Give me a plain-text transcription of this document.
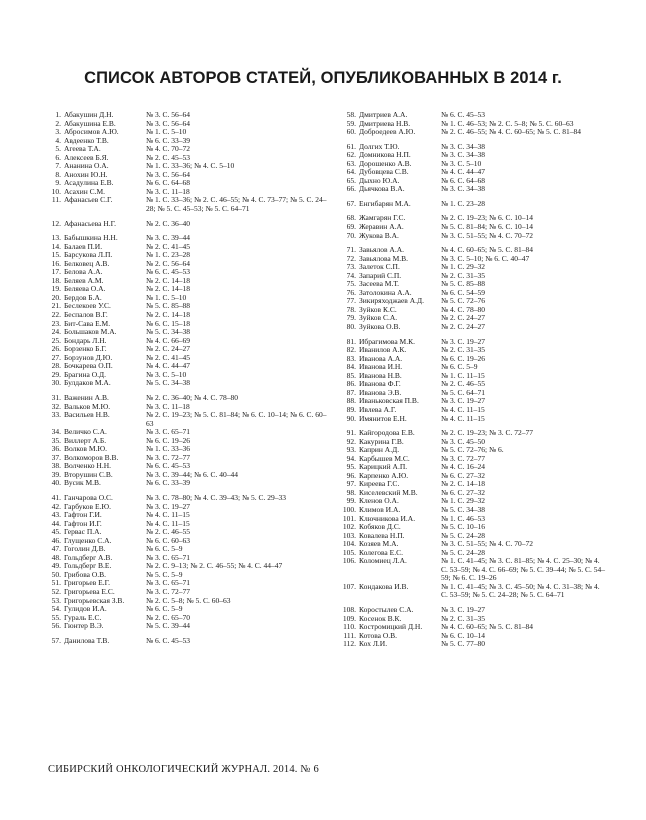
СПИСОК АВТОРОВ СТАТЕЙ, ОПУБЛИКОВАННЫХ В 2014 г.
1. Абакушин Д.Н.	№ 3. С. 56–64
2. Абакушина Е.В.	№ 3. С. 56–64
3. Абросимов А.Ю.	№ 1. С. 5–10
4. Авдеенко Т.В.	№ 6. С. 33–39
5. Агеева Т.А.	№ 4. С. 70–72
6. Алексеев Б.Я.	№ 2. С. 45–53
7. Ананина О.А.	№ 1. С. 33–36; № 4. С. 5–10
8. Анохин Ю.Н.	№ 3. С. 56–64
9. Асадулина Е.В.	№ 6. С. 64–68
10. Асахин С.М.	№ 3. С. 11–18
11. Афанасьев С.Г.	№ 1. С. 33–36; № 2. С. 46–55; № 4. С. 73–77; № 5. С. 24–28; № 5. С. 45–53; № 5. С. 64–71
12. Афанасьева Н.Г.	№ 2. С. 36–40
13. Бабышкина Н.Н.	№ 3. С. 39–44
14. Балаев П.И.	№ 2. С. 41–45
15. Барсукова Л.П.	№ 1. С. 23–28
16. Белковец А.В.	№ 2. С. 56–64
17. Белова А.А.	№ 6. С. 45–53
18. Беляев А.М.	№ 2. С. 14–18
19. Беляева О.А.	№ 2. С. 14–18
20. Бердов Б.А.	№ 1. С. 5–10
21. Беслекоев У.С.	№ 5. С. 85–88
22. Беспалов В.Г.	№ 2. С. 14–18
23. Бит-Сава Е.М.	№ 6. С. 15–18
24. Большаков М.А.	№ 5. С. 34–38
25. Бондарь Л.Н.	№ 4. С. 66–69
26. Борзенко Б.Г.	№ 2. С. 24–27
27. Борзунов Д.Ю.	№ 2. С. 41–45
28. Бочкарева О.П.	№ 4. С. 44–47
29. Брагина О.Д.	№ 3. С. 5–10
30. Булдаков М.А.	№ 5. С. 34–38
31. Важенин А.В.	№ 2. С. 36–40; № 4. С. 78–80
32. Вальков М.Ю.	№ 3. С. 11–18
33. Васильев Н.В.	№ 2. С. 19–23; № 5. С. 81–84; № 6. С. 10–14; № 6. С. 60–63
34. Величко С.А.	№ 3. С. 65–71
35. Виллерт А.Б.	№ 6. С. 19–26
36. Волков М.Ю.	№ 1. С. 33–36
37. Волкоморов В.В.	№ 3. С. 72–77
38. Волченко Н.Н.	№ 6. С. 45–53
39. Вторушин С.В.	№ 3. С. 39–44; № 6. С. 40–44
40. Вусик М.В.	№ 6. С. 33–39
41. Ганчарова О.С.	№ 3. С. 78–80; № 4. С. 39–43; № 5. С. 29–33
42. Гарбуков Е.Ю.	№ 3. С. 19–27
43. Гафтон Г.И.	№ 4. С. 11–15
44. Гафтон И.Г.	№ 4. С. 11–15
45. Гервас П.А.	№ 2. С. 46–55
46. Глущенко С.А.	№ 6. С. 60–63
47. Гоголин Д.В.	№ 6. С. 5–9
48. Гольдберг А.В.	№ 3. С. 65–71
49. Гольдберг В.Е.	№ 2. С. 9–13; № 2. С. 46–55; № 4. С. 44–47
50. Грибова О.В.	№ 5. С. 5–9
51. Григорьев Е.Г.	№ 3. С. 65–71
52. Григорьева Е.С.	№ 3. С. 72–77
53. Григорьевская З.В.	№ 2. С. 5–8; № 5. С. 60–63
54. Гулидов И.А.	№ 6. С. 5–9
55. Гураль Е.С.	№ 2. С. 65–70
56. Гюнтер В.Э.	№ 5. С. 39–44
57. Данилова Т.В.	№ 6. С. 45–53
58. Дмитриев А.А.	№ 6. С. 45–53
59. Дмитриева Н.В.	№ 1. С. 46–53; № 2. С. 5–8; № 5. С. 60–63
60. Доброедеев А.Ю.	№ 2. С. 46–55; № 4. С. 60–65; № 5. С. 81–84
61. Долгих Т.Ю.	№ 3. С. 34–38
62. Домникова Н.П.	№ 3. С. 34–38
63. Дорошенко А.В.	№ 3. С. 5–10
64. Дубовцева С.В.	№ 4. С. 44–47
65. Дыхно Ю.А.	№ 6. С. 64–68
66. Дьячкова В.А.	№ 3. С. 34–38
67. Енгибарян М.А.	№ 1. С. 23–28
68. Жамгарян Г.С.	№ 2. С. 19–23; № 6. С. 10–14
69. Жеравин А.А.	№ 5. С. 81–84; № 6. С. 10–14
70. Жукова В.А.	№ 3. С. 51–55; № 4. С. 70–72
71. Завьялов А.А.	№ 4. С. 60–65; № 5. С. 81–84
72. Завьялова М.В.	№ 3. С. 5–10; № 6. С. 40–47
73. Залеток С.П.	№ 1. С. 29–32
74. Запарий С.П.	№ 2. С. 31–35
75. Засеева М.Т.	№ 5. С. 85–88
76. Затолокина А.А.	№ 6. С. 54–59
77. Зикиряходжаев А.Д.	№ 5. С. 72–76
78. Зуйков К.С.	№ 4. С. 78–80
79. Зуйков С.А.	№ 2. С. 24–27
80. Зуйкова О.В.	№ 2. С. 24–27
81. Ибрагимова М.К.	№ 3. С. 19–27
82. Иванилов А.К.	№ 2. С. 31–35
83. Иванова А.А.	№ 6. С. 19–26
84. Иванова И.Н.	№ 6. С. 5–9
85. Иванова Н.В.	№ 1. С. 11–15
86. Иванова Ф.Г.	№ 2. С. 46–55
87. Иванова Э.В.	№ 5. С. 64–71
88. Иваньковская П.В.	№ 3. С. 19–27
89. Ивлева А.Г.	№ 4. С. 11–15
90. Имянитов Е.Н.	№ 4. С. 11–15
91. Кайгородова Е.В.	№ 2. С. 19–23; № 3. С. 72–77
92. Какурина Г.В.	№ 3. С. 45–50
93. Каприн А.Д.	№ 5. С. 72–76; № 6.
94. Карбышев М.С.	№ 3. С. 72–77
95. Карицкий А.П.	№ 4. С. 16–24
96. Карпенко А.Ю.	№ 6. С. 27–32
97. Киреева Г.С.	№ 2. С. 14–18
98. Киселевский М.В.	№ 6. С. 27–32
99. Кленов О.А.	№ 1. С. 29–32
100. Климов И.А.	№ 5. С. 34–38
101. Ключникова И.А.	№ 1. С. 46–53
102. Кобяков Д.С.	№ 5. С. 10–16
103. Ковалева Н.П.	№ 5. С. 24–28
104. Козяев М.А.	№ 3. С. 51–55; № 4. С. 70–72
105. Колегова Е.С.	№ 5. С. 24–28
106. Коломиец Л.А.	№ 1. С. 41–45; № 3. С. 81–85; № 4. С. 25–30; № 4. С. 53–59; № 4. С. 66–69; № 5. С. 39–44; № 5. С. 54–59; № 6. С. 19–26
107. Кондакова И.В.	№ 1. С. 41–45; № 3. С. 45–50; № 4. С. 31–38; № 4. С. 53–59; № 5. С. 24–28; № 5. С. 64–71
108. Коростылев С.А.	№ 3. С. 19–27
109. Косенок В.К.	№ 2. С. 31–35
110. Костромицкий Д.Н.	№ 4. С. 60–65; № 5. С. 81–84
111. Котова О.В.	№ 6. С. 10–14
112. Кох Л.И.	№ 5. С. 77–80
СИБИРСКИЙ ОНКОЛОГИЧЕСКИЙ ЖУРНАЛ. 2014. № 6
